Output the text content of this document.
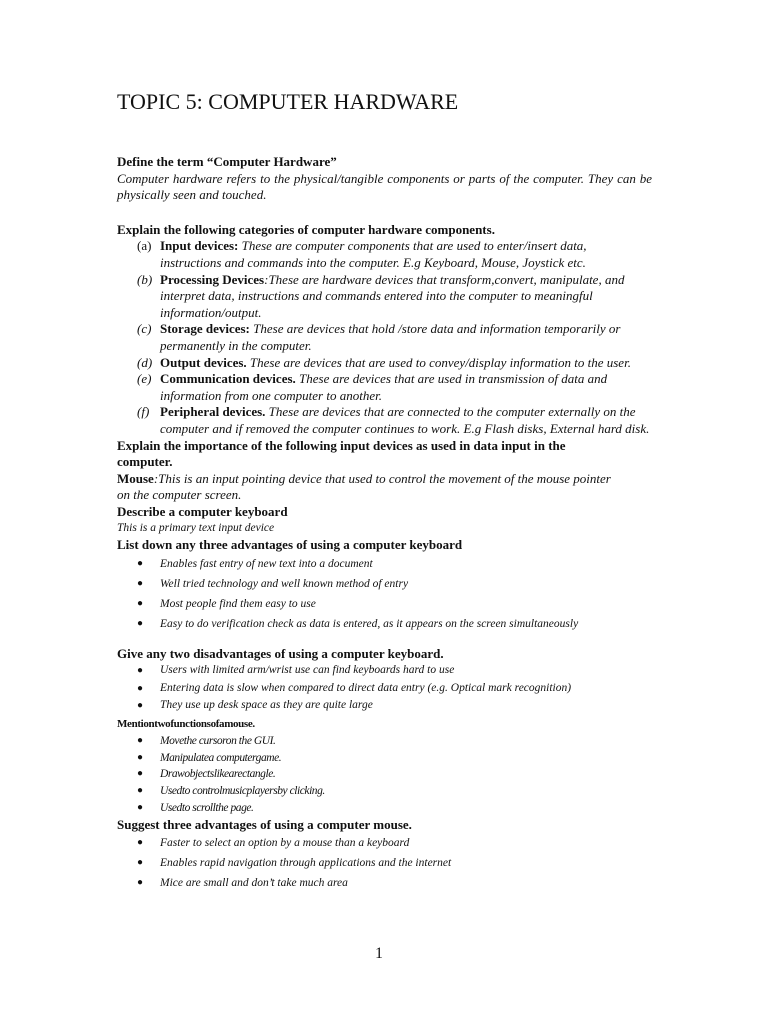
TOPIC 5: COMPUTER HARDWARE
Define the term “Computer Hardware”
Computer hardware refers to the physical/tangible components or parts of the computer. They can be physically seen and touched.
Explain the following categories of computer hardware components.
(a) Input devices: These are computer components that are used to enter/insert data, instructions and commands into the computer. E.g Keyboard, Mouse, Joystick etc.
(b) Processing Devices:These are hardware devices that transform,convert, manipulate, and interpret data, instructions and commands entered into the computer to meaningful information/output.
(c) Storage devices: These are devices that hold /store data and information temporarily or permanently in the computer.
(d) Output devices. These are devices that are used to convey/display information to the user.
(e) Communication devices. These are devices that are used in transmission of data and information from one computer to another.
(f) Peripheral devices. These are devices that are connected to the computer externally on the computer and if removed the computer continues to work. E.g Flash disks, External hard disk.
Explain the importance of the following input devices as used in data input in the computer.
Mouse:This is an input pointing device that used to control the movement of the mouse pointer on the computer screen.
Describe a computer keyboard
This is a primary text input device
List down any three advantages of using a computer keyboard
● Enables fast entry of new text into a document
● Well tried technology and well known method of entry
● Most people find them easy to use
● Easy to do verification check as data is entered, as it appears on the screen simultaneously
Give any two disadvantages of using a computer keyboard.
● Users with limited arm/wrist use can find keyboards hard to use
● Entering data is slow when compared to direct data entry (e.g. Optical mark recognition)
● They use up desk space as they are quite large
Mentiontwofunctionsofamouse.
● Movethe cursoron the GUI.
● Manipulatea computergame.
● Drawobjectslikearectangle.
● Usedto controlmusicplayersby clicking.
● Usedto scrollthe page.
Suggest three advantages of using a computer mouse.
● Faster to select an option by a mouse than a keyboard
● Enables rapid navigation through applications and the internet
● Mice are small and don’t take much area
1
